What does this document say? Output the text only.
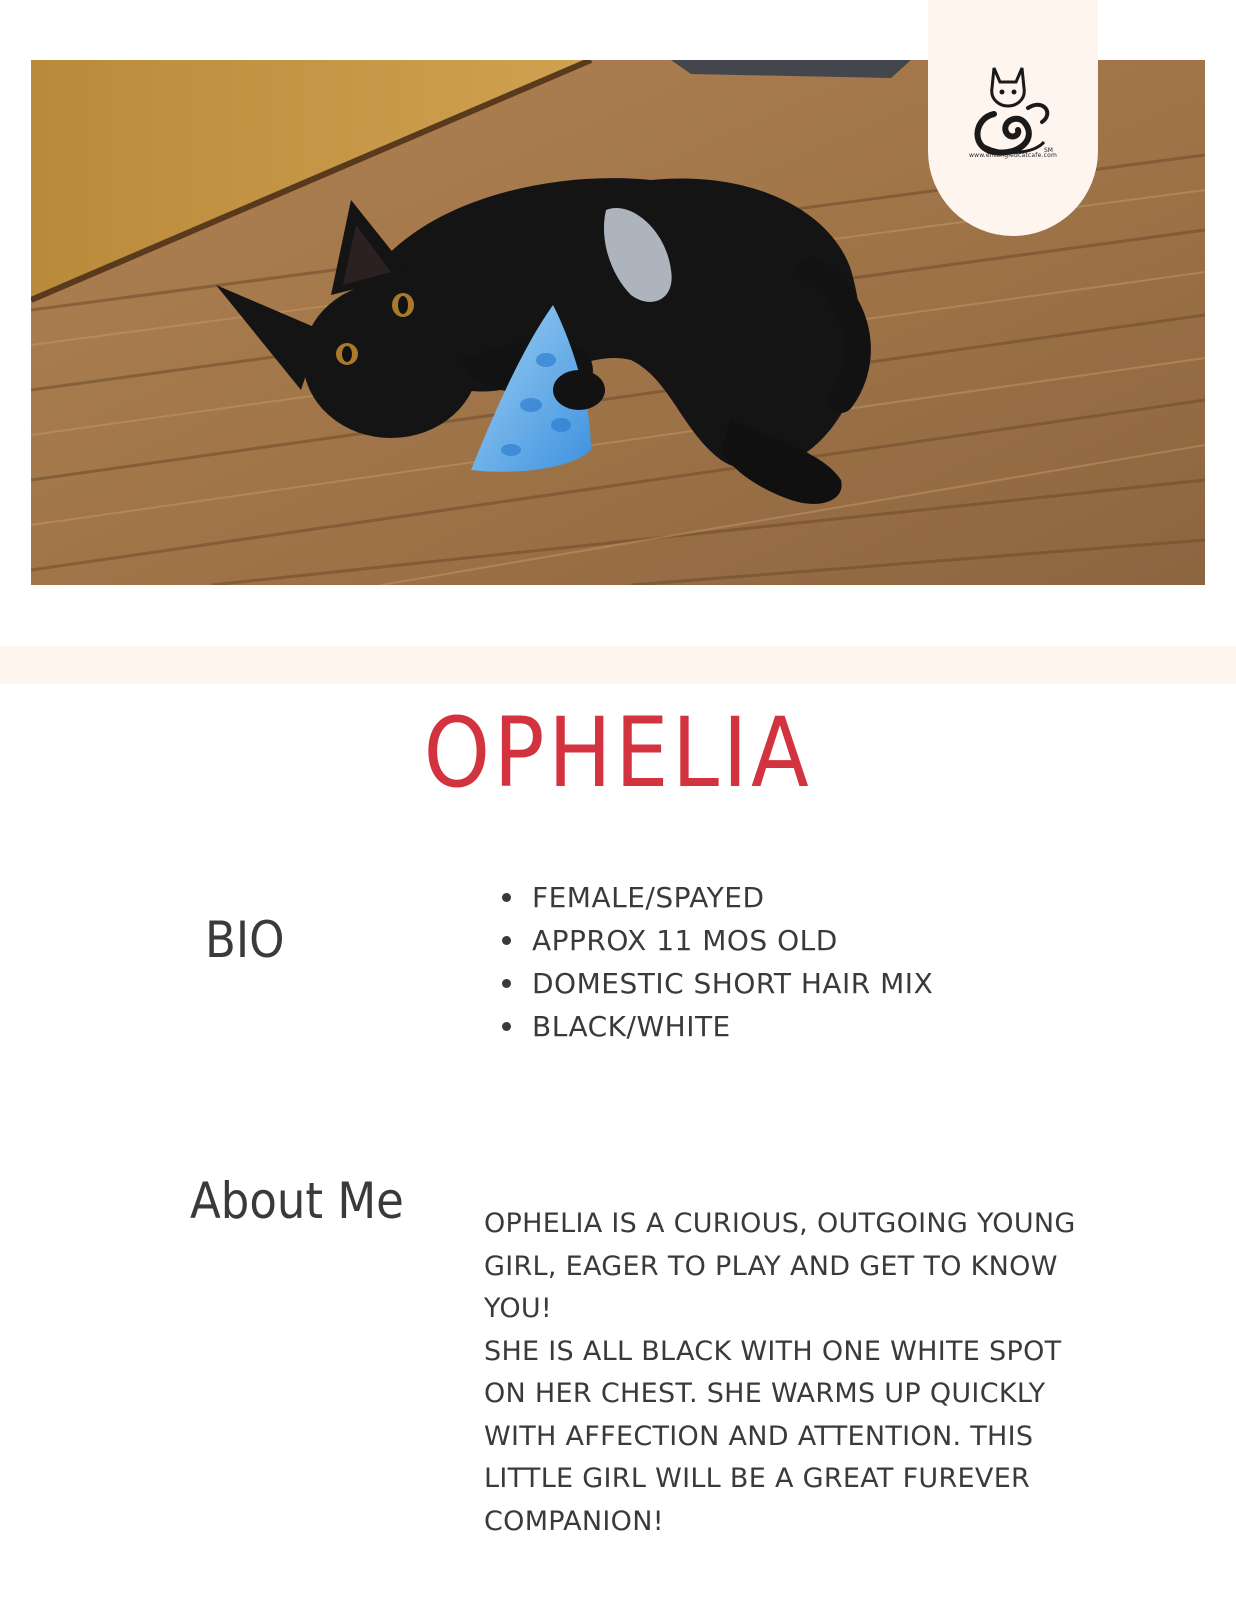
SM
www.entangledcatcafe.com
OPHELIA
BIO
FEMALE/SPAYED
APPROX 11 MOS OLD
DOMESTIC SHORT HAIR MIX
BLACK/WHITE
About Me	OPHELIA IS A CURIOUS, OUTGOING YOUNG GIRL, EAGER TO PLAY AND GET TO KNOW YOU!
SHE IS ALL BLACK WITH ONE WHITE SPOT ON HER CHEST. SHE WARMS UP QUICKLY WITH AFFECTION AND ATTENTION. THIS LITTLE GIRL WILL BE A GREAT FUREVER COMPANION!
